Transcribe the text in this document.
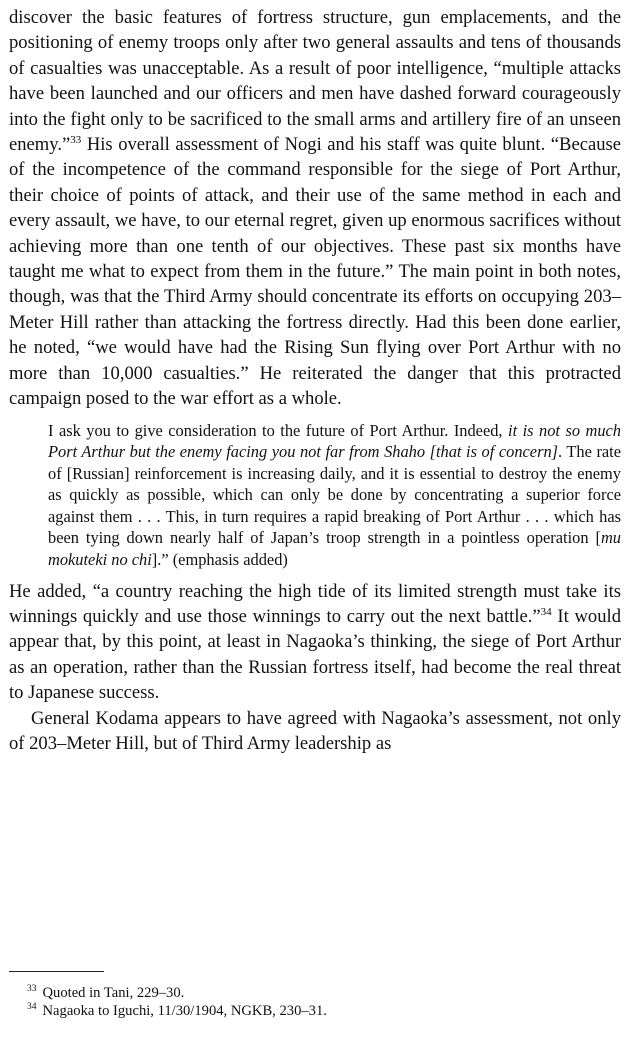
discover the basic features of fortress structure, gun emplacements, and the positioning of enemy troops only after two general assaults and tens of thousands of casualties was unacceptable. As a result of poor intelligence, “multiple attacks have been launched and our officers and men have dashed forward courageously into the fight only to be sacrificed to the small arms and artillery fire of an unseen enemy.”$^{33}$ His overall assessment of Nogi and his staff was quite blunt. “Because of the incompetence of the command responsible for the siege of Port Arthur, their choice of points of attack, and their use of the same method in each and every assault, we have, to our eternal regret, given up enormous sacrifices without achieving more than one tenth of our objectives. These past six months have taught me what to expect from them in the future.” The main point in both notes, though, was that the Third Army should concentrate its efforts on occupying 203–Meter Hill rather than attacking the fortress directly. Had this been done earlier, he noted, “we would have had the Rising Sun flying over Port Arthur with no more than 10,000 casualties.” He reiterated the danger that this protracted campaign posed to the war effort as a whole.

I ask you to give consideration to the future of Port Arthur. Indeed, it is not so much Port Arthur but the enemy facing you not far from Shaho [that is of concern]. The rate of [Russian] reinforcement is increasing daily, and it is essential to destroy the enemy as quickly as possible, which can only be done by concentrating a superior force against them . . . This, in turn requires a rapid breaking of Port Arthur . . . which has been tying down nearly half of Japan’s troop strength in a pointless operation [mu mokuteki no chi].” (emphasis added)

He added, “a country reaching the high tide of its limited strength must take its winnings quickly and use those winnings to carry out the next battle.”$^{34}$ It would appear that, by this point, at least in Nagaoka’s thinking, the siege of Port Arthur as an operation, rather than the Russian fortress itself, had become the real threat to Japanese success.

General Kodama appears to have agreed with Nagaoka’s assessment, not only of 203–Meter Hill, but of Third Army leadership as

$^{33}$ Quoted in Tani, 229–30.
$^{34}$ Nagaoka to Iguchi, 11/30/1904, NGKB, 230–31.
